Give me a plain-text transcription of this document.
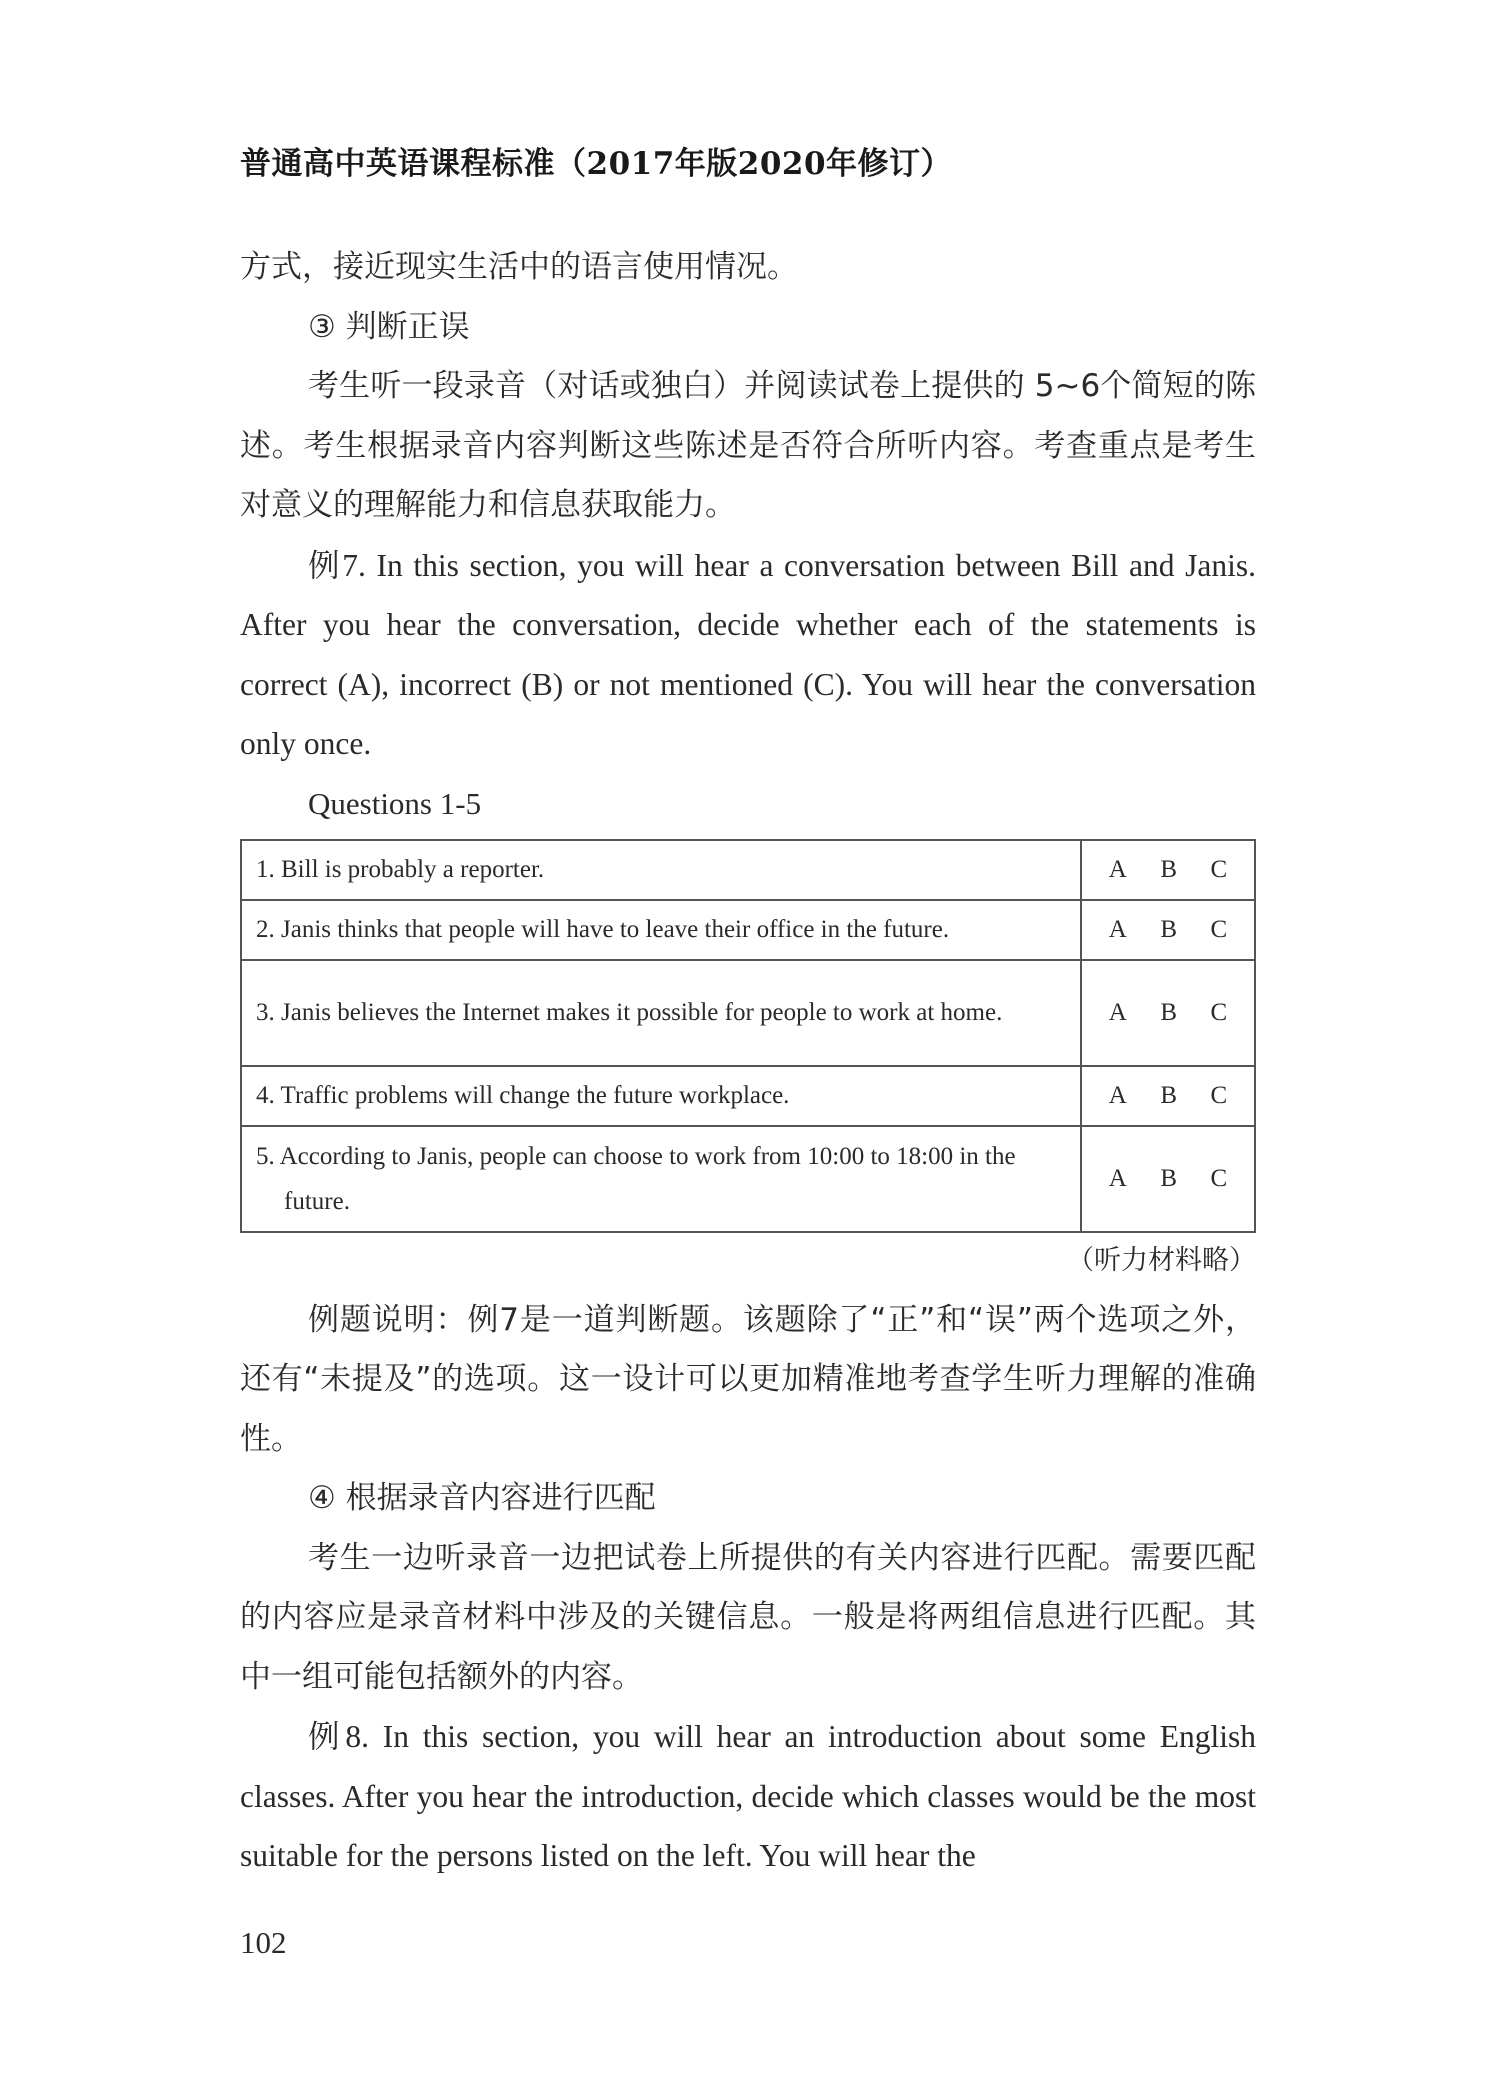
普通高中英语课程标准（2017年版2020年修订）

方式，接近现实生活中的语言使用情况。

③ 判断正误

考生听一段录音（对话或独白）并阅读试卷上提供的 5~6个简短的陈述。考生根据录音内容判断这些陈述是否符合所听内容。考查重点是考生对意义的理解能力和信息获取能力。

例7. In this section, you will hear a conversation between Bill and Janis. After you hear the conversation, decide whether each of the statements is correct (A), incorrect (B) or not mentioned (C). You will hear the conversation only once.

Questions 1-5

1. Bill is probably a reporter.	A B C

2. Janis thinks that people will have to leave their office in the future.	A B C

3. Janis believes the Internet makes it possible for people to work at home.	A B C

4. Traffic problems will change the future workplace.	A B C

5. According to Janis, people can choose to work from 10:00 to 18:00 in the future.	A B C

（听力材料略）

例题说明：例7是一道判断题。该题除了“正”和“误”两个选项之外，还有“未提及”的选项。这一设计可以更加精准地考查学生听力理解的准确性。

④ 根据录音内容进行匹配

考生一边听录音一边把试卷上所提供的有关内容进行匹配。需要匹配的内容应是录音材料中涉及的关键信息。一般是将两组信息进行匹配。其中一组可能包括额外的内容。

例8. In this section, you will hear an introduction about some English classes. After you hear the introduction, decide which classes would be the most suitable for the persons listed on the left. You will hear the

102
